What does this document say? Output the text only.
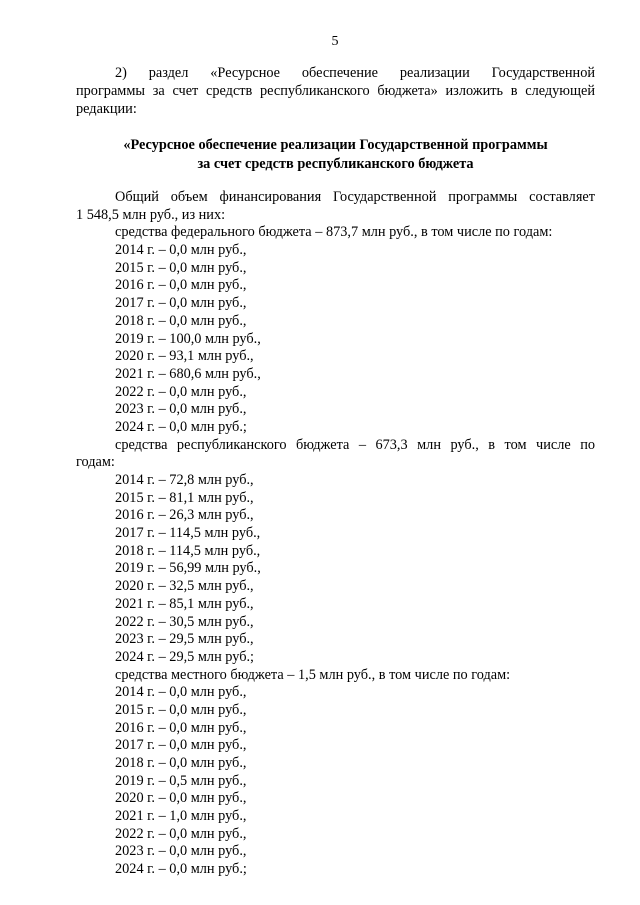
5
2) раздел «Ресурсное обеспечение реализации Государственной
программы за счет средств республиканского бюджета» изложить в следующей
редакции:
«Ресурсное обеспечение реализации Государственной программы
за счет средств республиканского бюджета
Общий объем финансирования Государственной программы составляет
1 548,5 млн руб., из них:
средства федерального бюджета – 873,7 млн руб., в том числе по годам:
2014 г. – 0,0 млн руб.,
2015 г. – 0,0 млн руб.,
2016 г. – 0,0 млн руб.,
2017 г. – 0,0 млн руб.,
2018 г. – 0,0 млн руб.,
2019 г. – 100,0 млн руб.,
2020 г. – 93,1 млн руб.,
2021 г. – 680,6 млн руб.,
2022 г. – 0,0 млн руб.,
2023 г. – 0,0 млн руб.,
2024 г. – 0,0 млн руб.;
средства республиканского бюджета – 673,3 млн руб., в том числе по
годам:
2014 г. – 72,8 млн руб.,
2015 г. – 81,1 млн руб.,
2016 г. – 26,3 млн руб.,
2017 г. – 114,5 млн руб.,
2018 г. – 114,5 млн руб.,
2019 г. – 56,99 млн руб.,
2020 г. – 32,5 млн руб.,
2021 г. – 85,1 млн руб.,
2022 г. – 30,5 млн руб.,
2023 г. – 29,5 млн руб.,
2024 г. – 29,5 млн руб.;
средства местного бюджета – 1,5 млн руб., в том числе по годам:
2014 г. – 0,0 млн руб.,
2015 г. – 0,0 млн руб.,
2016 г. – 0,0 млн руб.,
2017 г. – 0,0 млн руб.,
2018 г. – 0,0 млн руб.,
2019 г. – 0,5 млн руб.,
2020 г. – 0,0 млн руб.,
2021 г. – 1,0 млн руб.,
2022 г. – 0,0 млн руб.,
2023 г. – 0,0 млн руб.,
2024 г. – 0,0 млн руб.;
